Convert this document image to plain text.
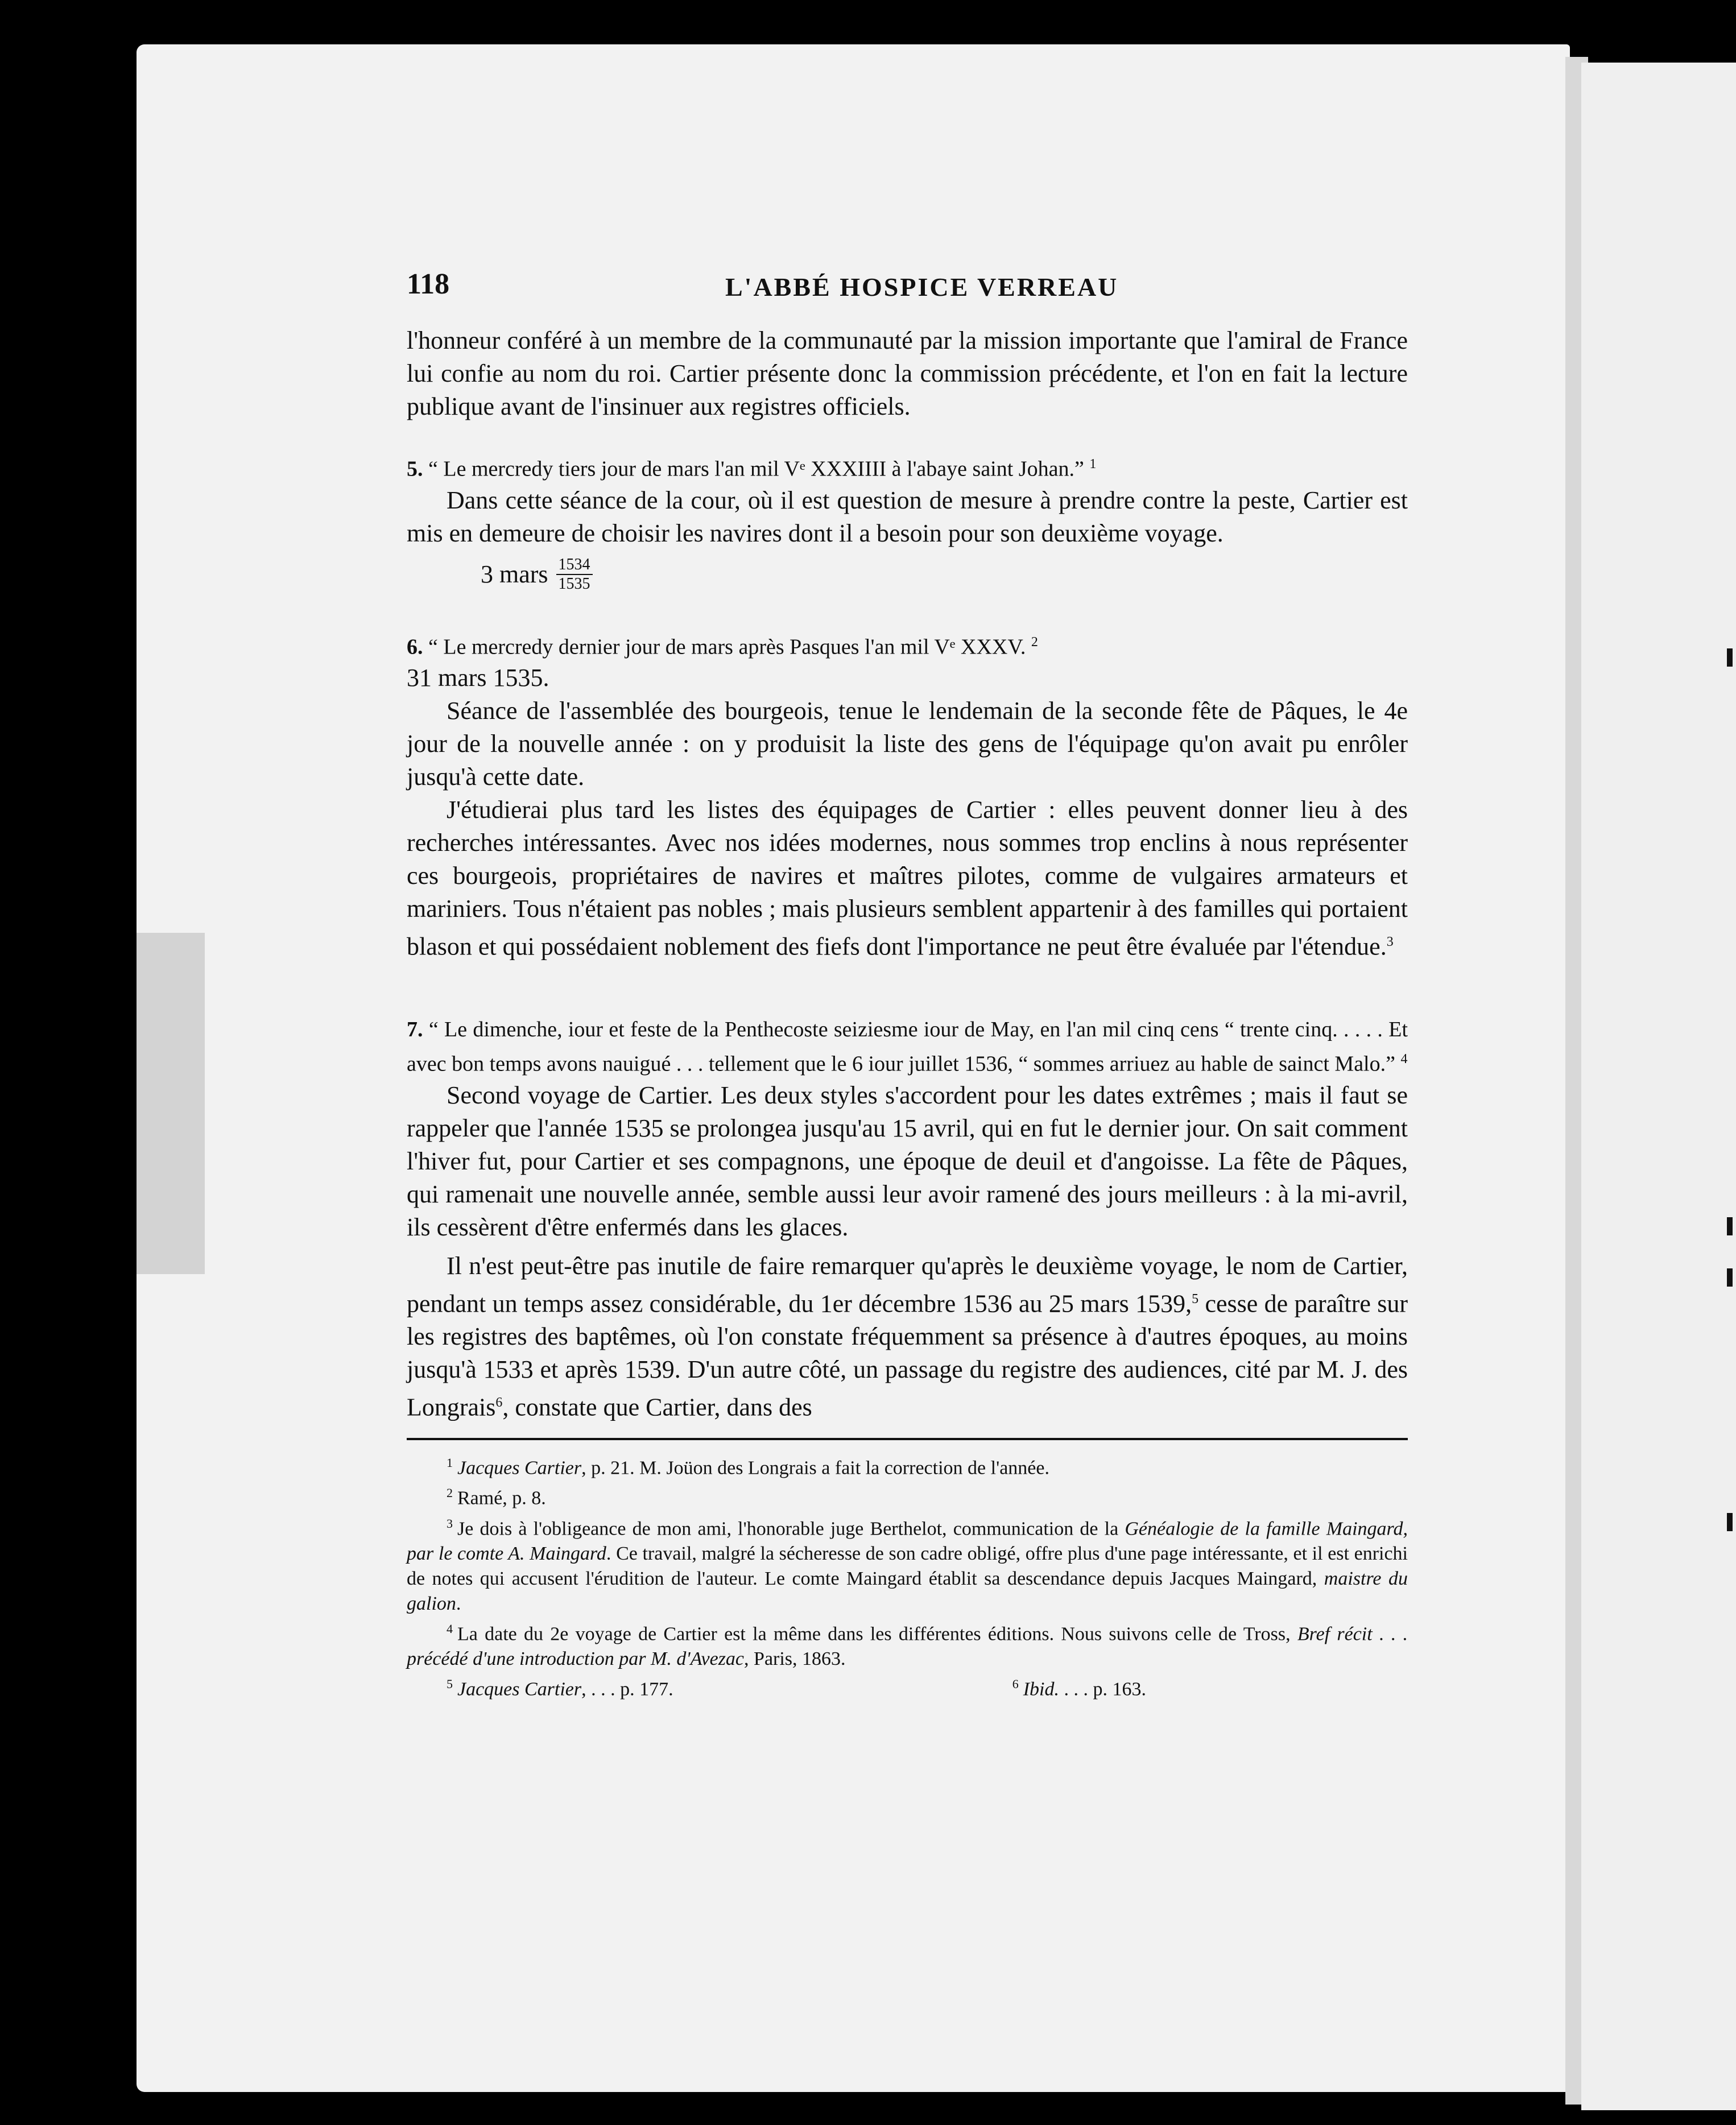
118	L'ABBÉ HOSPICE VERREAU

l'honneur conféré à un membre de la communauté par la mission importante que l'amiral de France lui confie au nom du roi. Cartier présente donc la commission précédente, et l'on en fait la lecture publique avant de l'insinuer aux registres officiels.

5. “ Le mercredy tiers jour de mars l'an mil Vᵉ XXXIIII à l'abaye saint Johan.” $^1$

Dans cette séance de la cour, où il est question de mesure à prendre contre la peste, Cartier est mis en demeure de choisir les navires dont il a besoin pour son deuxième voyage.

3 mars $\frac{1534}{1535}$

6. “ Le mercredy dernier jour de mars après Pasques l'an mil Vᵉ XXXV. $^2$

31 mars 1535.

Séance de l'assemblée des bourgeois, tenue le lendemain de la seconde fête de Pâques, le 4e jour de la nouvelle année : on y produisit la liste des gens de l'équipage qu'on avait pu enrôler jusqu'à cette date.

J'étudierai plus tard les listes des équipages de Cartier : elles peuvent donner lieu à des recherches intéressantes. Avec nos idées modernes, nous sommes trop enclins à nous représenter ces bourgeois, propriétaires de navires et maîtres pilotes, comme de vulgaires armateurs et mariniers. Tous n'étaient pas nobles ; mais plusieurs semblent appartenir à des familles qui portaient blason et qui possédaient noblement des fiefs dont l'importance ne peut être évaluée par l'étendue.$^3$

7. “ Le dimenche, iour et feste de la Penthecoste seiziesme iour de May, en l'an mil cinq cens “ trente cinq. . . . . Et avec bon temps avons nauigué . . . tellement que le 6 iour juillet 1536, “ sommes arriuez au hable de sainct Malo.” $^4$

Second voyage de Cartier. Les deux styles s'accordent pour les dates extrêmes ; mais il faut se rappeler que l'année 1535 se prolongea jusqu'au 15 avril, qui en fut le dernier jour. On sait comment l'hiver fut, pour Cartier et ses compagnons, une époque de deuil et d'angoisse. La fête de Pâques, qui ramenait une nouvelle année, semble aussi leur avoir ramené des jours meilleurs : à la mi-avril, ils cessèrent d'être enfermés dans les glaces.

Il n'est peut-être pas inutile de faire remarquer qu'après le deuxième voyage, le nom de Cartier, pendant un temps assez considérable, du 1er décembre 1536 au 25 mars 1539,$^5$ cesse de paraître sur les registres des baptêmes, où l'on constate fréquemment sa présence à d'autres époques, au moins jusqu'à 1533 et après 1539. D'un autre côté, un passage du registre des audiences, cité par M. J. des Longrais$^6$, constate que Cartier, dans des

$^1$ Jacques Cartier, p. 21. M. Joüon des Longrais a fait la correction de l'année.

$^2$ Ramé, p. 8.

$^3$ Je dois à l'obligeance de mon ami, l'honorable juge Berthelot, communication de la Généalogie de la famille Maingard, par le comte A. Maingard. Ce travail, malgré la sécheresse de son cadre obligé, offre plus d'une page intéressante, et il est enrichi de notes qui accusent l'érudition de l'auteur. Le comte Maingard établit sa descendance depuis Jacques Maingard, maistre du galion.

$^4$ La date du 2e voyage de Cartier est la même dans les différentes éditions. Nous suivons celle de Tross, Bref récit . . . précédé d'une introduction par M. d'Avezac, Paris, 1863.

$^5$ Jacques Cartier, . . . p. 177.	$^6$ Ibid. . . . p. 163.
